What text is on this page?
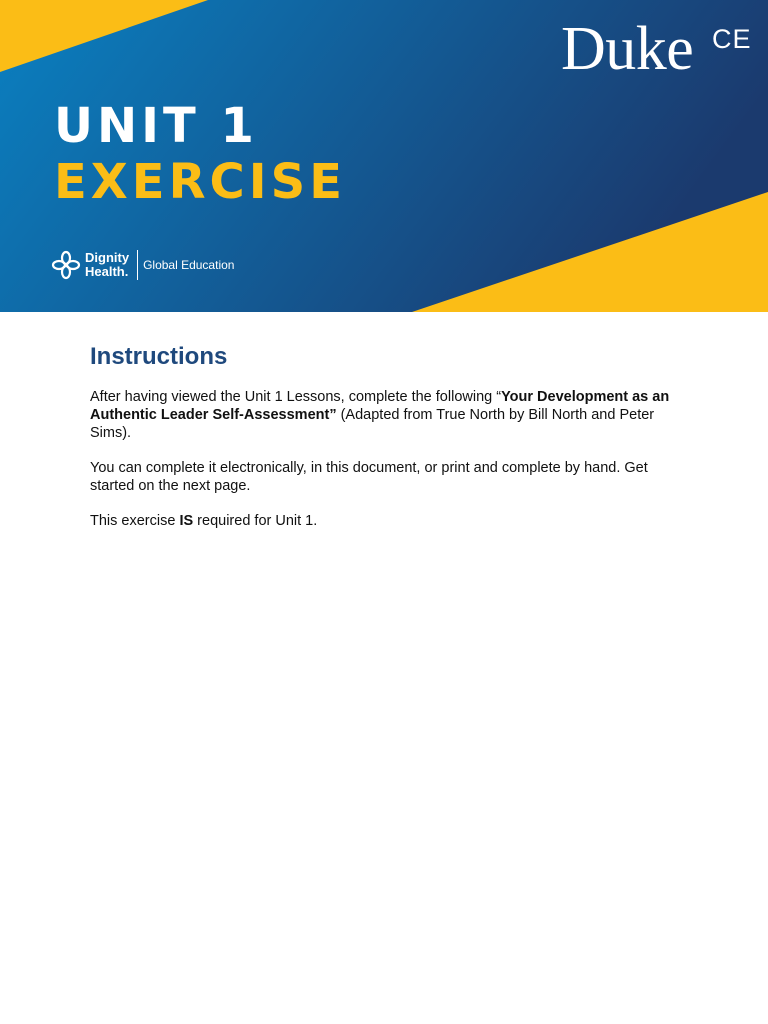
Duke CE
UNIT 1
EXERCISE
Dignity
Health. Global Education
Instructions

After having viewed the Unit 1 Lessons, complete the following “Your Development as an Authentic Leader Self-Assessment” (Adapted from True North by Bill North and Peter Sims).

You can complete it electronically, in this document, or print and complete by hand. Get started on the next page.

This exercise IS required for Unit 1.
